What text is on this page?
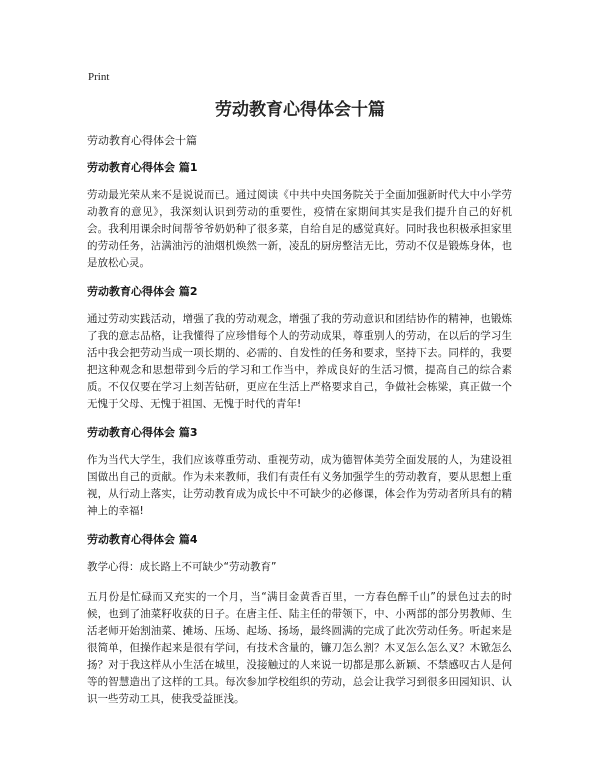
Print
劳动教育心得体会十篇
劳动教育心得体会十篇
劳动教育心得体会 篇1
劳动最光荣从来不是说说而已。通过阅读《中共中央国务院关于全面加强新时代大中小学劳动教育的意见》，我深刻认识到劳动的重要性，疫情在家期间其实是我们提升自己的好机会。我利用课余时间帮爷爷奶奶种了很多菜，自给自足的感觉真好。同时我也积极承担家里的劳动任务，沾满油污的油烟机焕然一新，凌乱的厨房整洁无比，劳动不仅是锻炼身体，也是放松心灵。
劳动教育心得体会 篇2
通过劳动实践活动，增强了我的劳动观念，增强了我的劳动意识和团结协作的精神，也锻炼了我的意志品格，让我懂得了应珍惜每个人的劳动成果，尊重别人的劳动，在以后的学习生活中我会把劳动当成一项长期的、必需的、自发性的任务和要求，坚持下去。同样的，我要把这种观念和思想带到今后的学习和工作当中，养成良好的生活习惯，提高自己的综合素质。不仅仅要在学习上刻苦钻研，更应在生活上严格要求自己，争做社会栋梁，真正做一个无愧于父母、无愧于祖国、无愧于时代的青年!
劳动教育心得体会 篇3
作为当代大学生，我们应该尊重劳动、重视劳动，成为德智体美劳全面发展的人，为建设祖国做出自己的贡献。作为未来教师，我们有责任有义务加强学生的劳动教育，要从思想上重视，从行动上落实，让劳动教育成为成长中不可缺少的必修课，体会作为劳动者所具有的精神上的幸福!
劳动教育心得体会 篇4
教学心得：成长路上不可缺少“劳动教育”
五月份是忙碌而又充实的一个月，当“满目金黄香百里，一方春色醉千山”的景色过去的时候，也到了油菜籽收获的日子。在唐主任、陆主任的带领下，中、小两部的部分男教师、生活老师开始割油菜、摊场、压场、起场、扬场，最终圆满的完成了此次劳动任务。听起来是很简单，但操作起来是很有学问，有技术含量的，镰刀怎么割？木叉怎么怎么叉？木锨怎么扬？对于我这样从小生活在城里，没接触过的人来说一切都是那么新颖、不禁感叹古人是何等的智慧造出了这样的工具。每次参加学校组织的劳动，总会让我学习到很多田园知识、认识一些劳动工具，使我受益匪浅。
